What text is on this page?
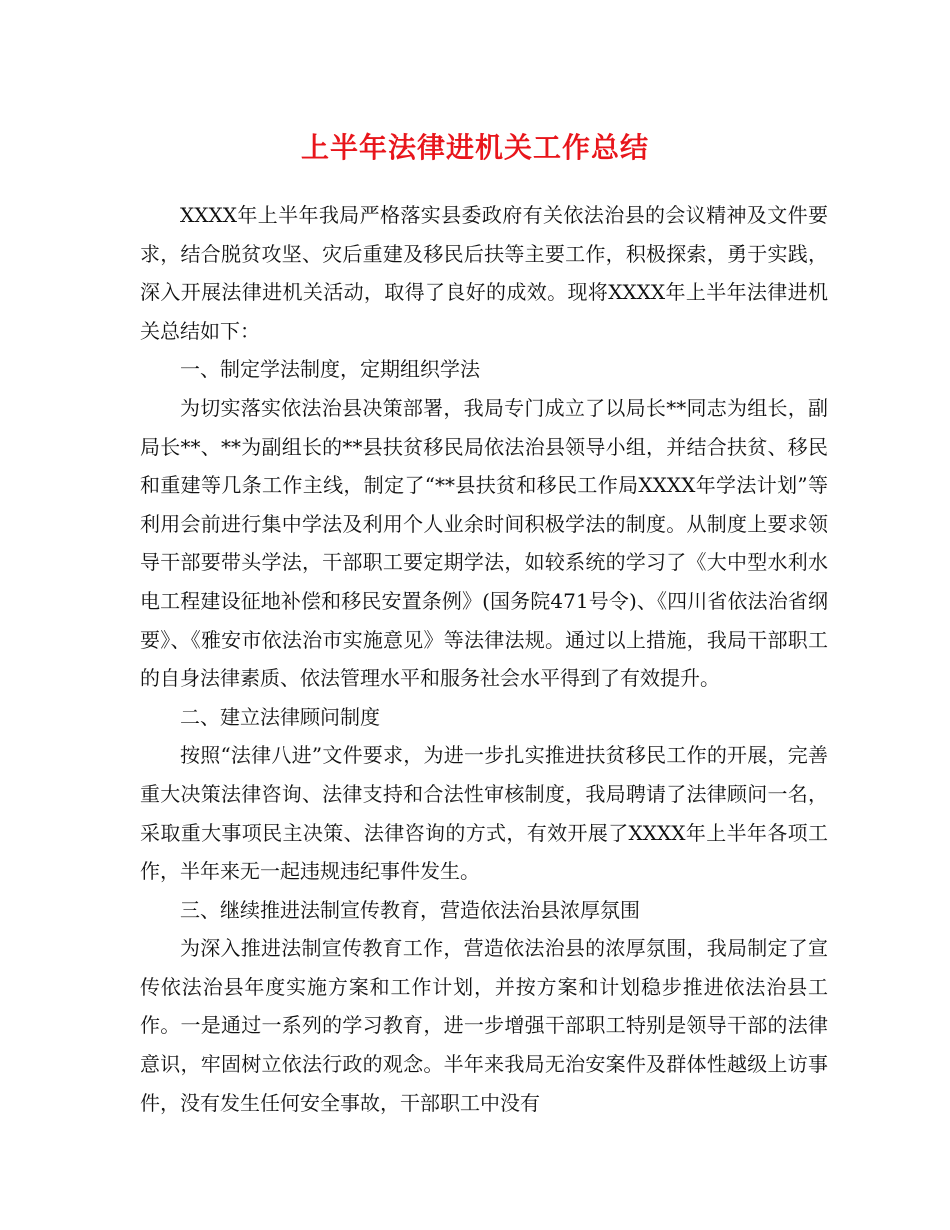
上半年法律进机关工作总结

XXXX年上半年我局严格落实县委政府有关依法治县的会议精神及文件要求，结合脱贫攻坚、灾后重建及移民后扶等主要工作，积极探索，勇于实践，深入开展法律进机关活动，取得了良好的成效。现将XXXX年上半年法律进机关总结如下：

一、制定学法制度，定期组织学法

为切实落实依法治县决策部署，我局专门成立了以局长**同志为组长，副局长**、**为副组长的**县扶贫移民局依法治县领导小组，并结合扶贫、移民和重建等几条工作主线，制定了“**县扶贫和移民工作局XXXX年学法计划”等利用会前进行集中学法及利用个人业余时间积极学法的制度。从制度上要求领导干部要带头学法，干部职工要定期学法，如较系统的学习了《大中型水利水电工程建设征地补偿和移民安置条例》(国务院471号令)、《四川省依法治省纲要》、《雅安市依法治市实施意见》等法律法规。通过以上措施，我局干部职工的自身法律素质、依法管理水平和服务社会水平得到了有效提升。

二、建立法律顾问制度

按照“法律八进”文件要求，为进一步扎实推进扶贫移民工作的开展，完善重大决策法律咨询、法律支持和合法性审核制度，我局聘请了法律顾问一名，采取重大事项民主决策、法律咨询的方式，有效开展了XXXX年上半年各项工作，半年来无一起违规违纪事件发生。

三、继续推进法制宣传教育，营造依法治县浓厚氛围

为深入推进法制宣传教育工作，营造依法治县的浓厚氛围，我局制定了宣传依法治县年度实施方案和工作计划，并按方案和计划稳步推进依法治县工作。一是通过一系列的学习教育，进一步增强干部职工特别是领导干部的法律意识，牢固树立依法行政的观念。半年来我局无治安案件及群体性越级上访事件，没有发生任何安全事故，干部职工中没有
